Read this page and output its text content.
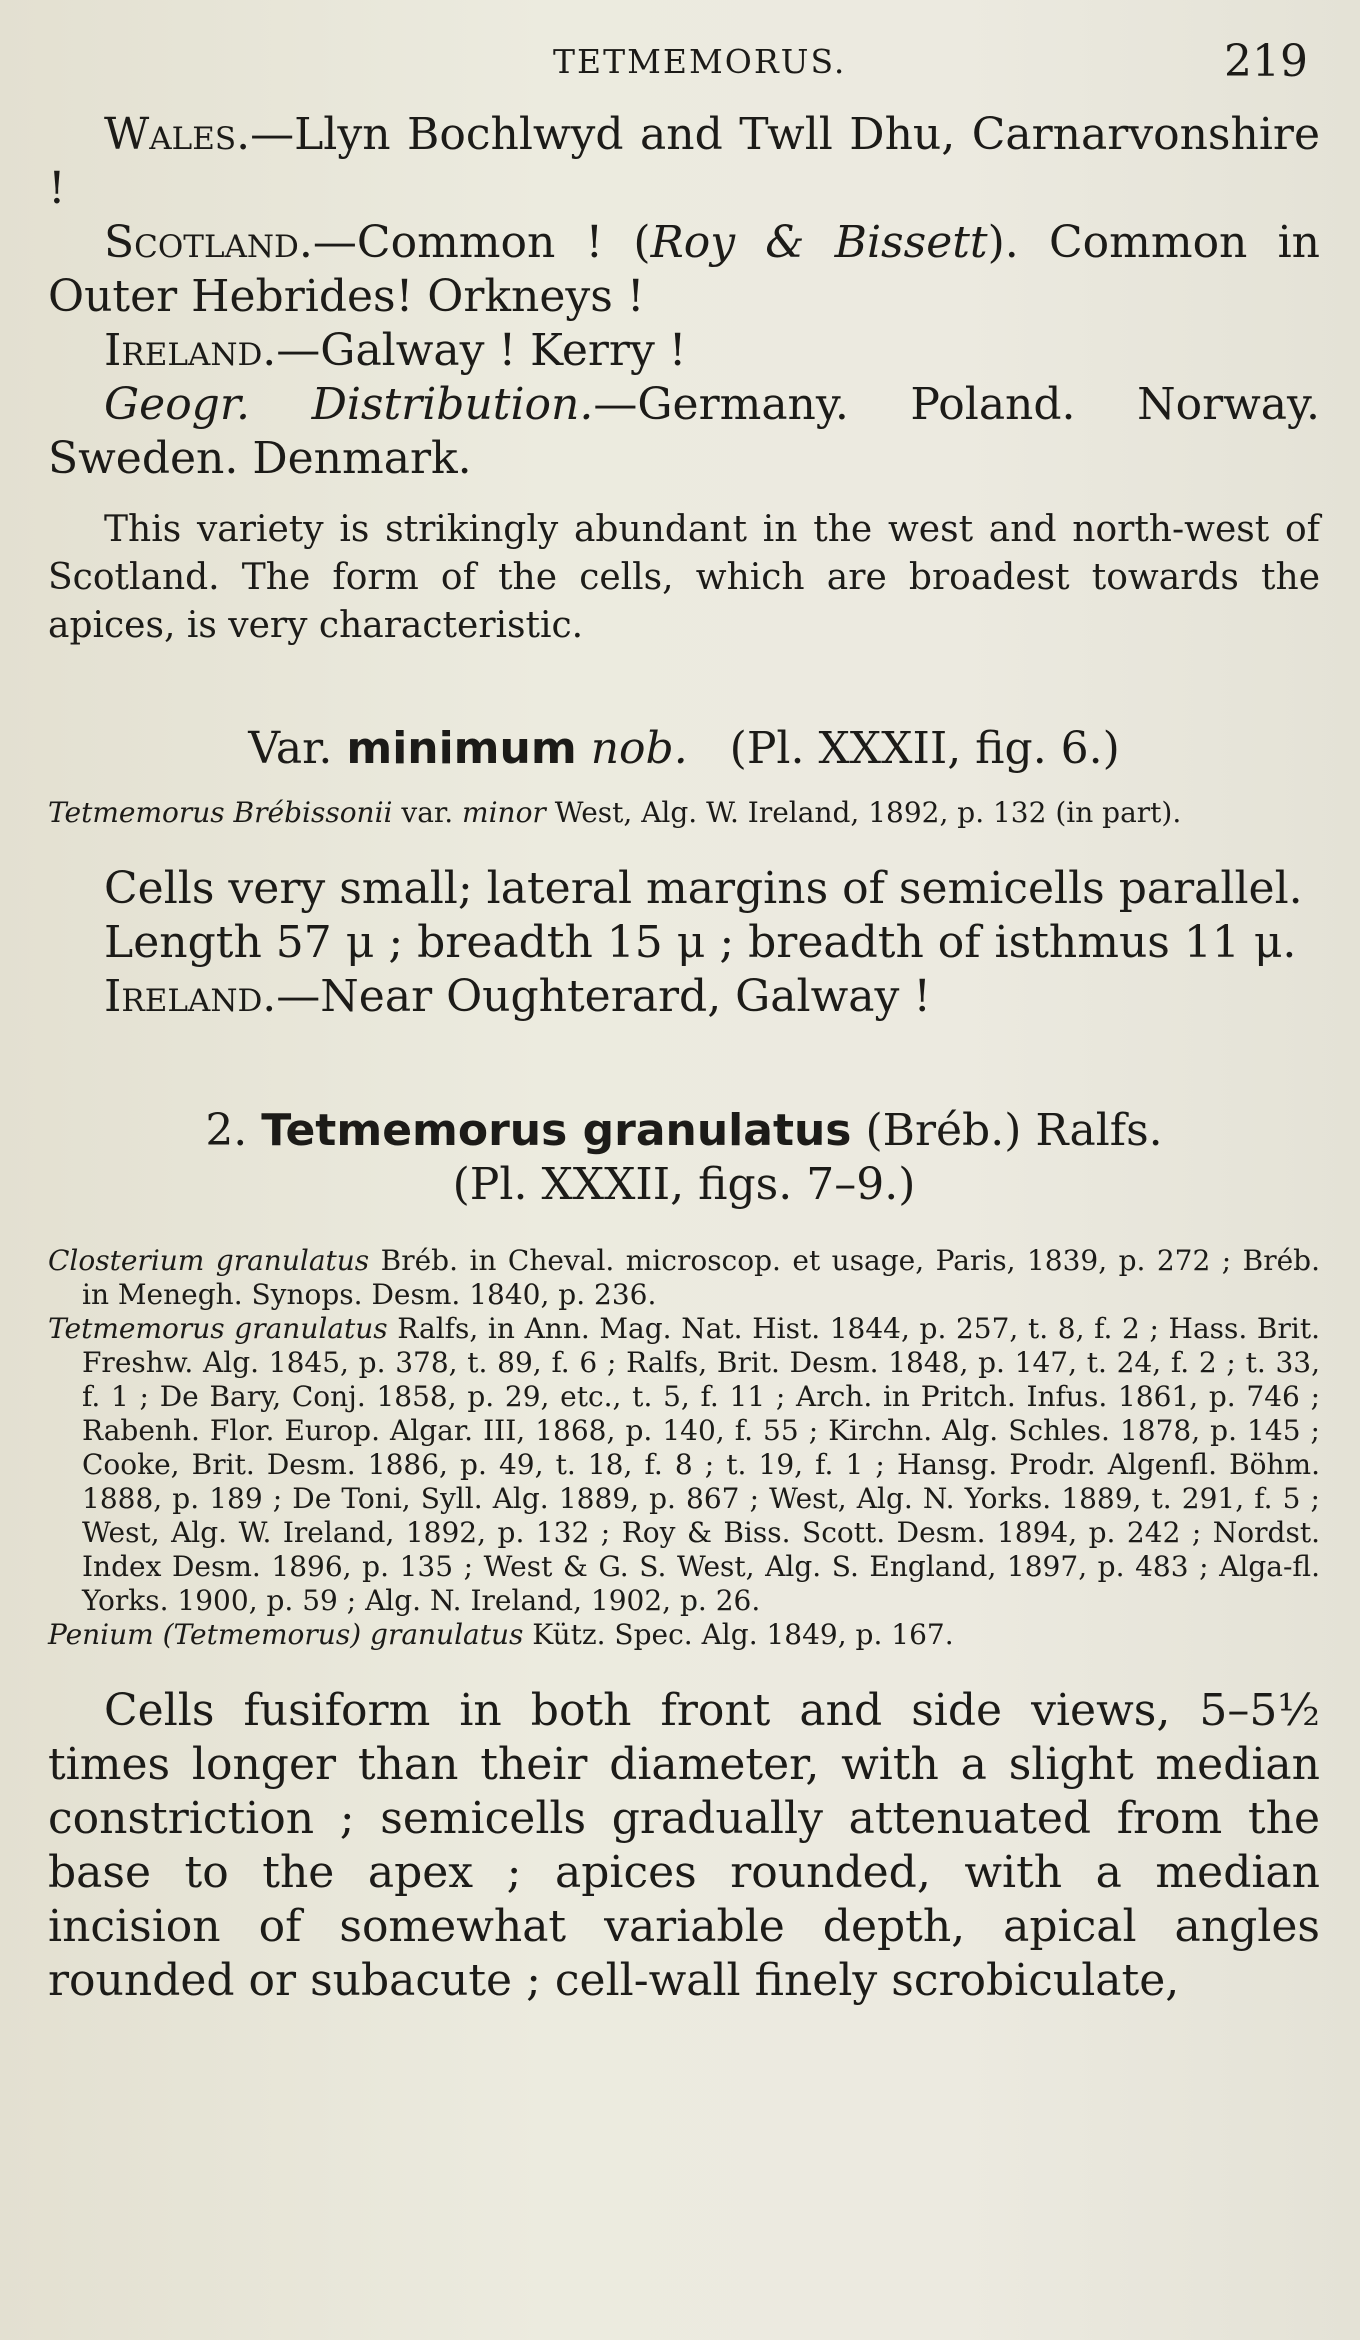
TETMEMORUS.	219

Wales.—Llyn Bochlwyd and Twll Dhu, Carnarvonshire !

Scotland.—Common ! (Roy & Bissett). Common in Outer Hebrides! Orkneys !

Ireland.—Galway ! Kerry !

Geogr. Distribution.—Germany. Poland. Norway. Sweden. Denmark.

This variety is strikingly abundant in the west and north-west of Scotland. The form of the cells, which are broadest towards the apices, is very characteristic.

Var. minimum nob. (Pl. XXXII, fig. 6.)

Tetmemorus Brébissonii var. minor West, Alg. W. Ireland, 1892, p. 132 (in part).

Cells very small; lateral margins of semicells parallel.

Length 57 μ ; breadth 15 μ ; breadth of isthmus 11 μ.

Ireland.—Near Oughterard, Galway !

2. Tetmemorus granulatus (Bréb.) Ralfs.

(Pl. XXXII, figs. 7–9.)

Closterium granulatus Bréb. in Cheval. microscop. et usage, Paris, 1839, p. 272 ; Bréb. in Menegh. Synops. Desm. 1840, p. 236.

Tetmemorus granulatus Ralfs, in Ann. Mag. Nat. Hist. 1844, p. 257, t. 8, f. 2 ; Hass. Brit. Freshw. Alg. 1845, p. 378, t. 89, f. 6 ; Ralfs, Brit. Desm. 1848, p. 147, t. 24, f. 2 ; t. 33, f. 1 ; De Bary, Conj. 1858, p. 29, etc., t. 5, f. 11 ; Arch. in Pritch. Infus. 1861, p. 746 ; Rabenh. Flor. Europ. Algar. III, 1868, p. 140, f. 55 ; Kirchn. Alg. Schles. 1878, p. 145 ; Cooke, Brit. Desm. 1886, p. 49, t. 18, f. 8 ; t. 19, f. 1 ; Hansg. Prodr. Algenfl. Böhm. 1888, p. 189 ; De Toni, Syll. Alg. 1889, p. 867 ; West, Alg. N. Yorks. 1889, t. 291, f. 5 ; West, Alg. W. Ireland, 1892, p. 132 ; Roy & Biss. Scott. Desm. 1894, p. 242 ; Nordst. Index Desm. 1896, p. 135 ; West & G. S. West, Alg. S. England, 1897, p. 483 ; Alga-fl. Yorks. 1900, p. 59 ; Alg. N. Ireland, 1902, p. 26.

Penium (Tetmemorus) granulatus Kütz. Spec. Alg. 1849, p. 167.

Cells fusiform in both front and side views, 5–5½ times longer than their diameter, with a slight median constriction ; semicells gradually attenuated from the base to the apex ; apices rounded, with a median incision of somewhat variable depth, apical angles rounded or subacute ; cell-wall finely scrobiculate,
